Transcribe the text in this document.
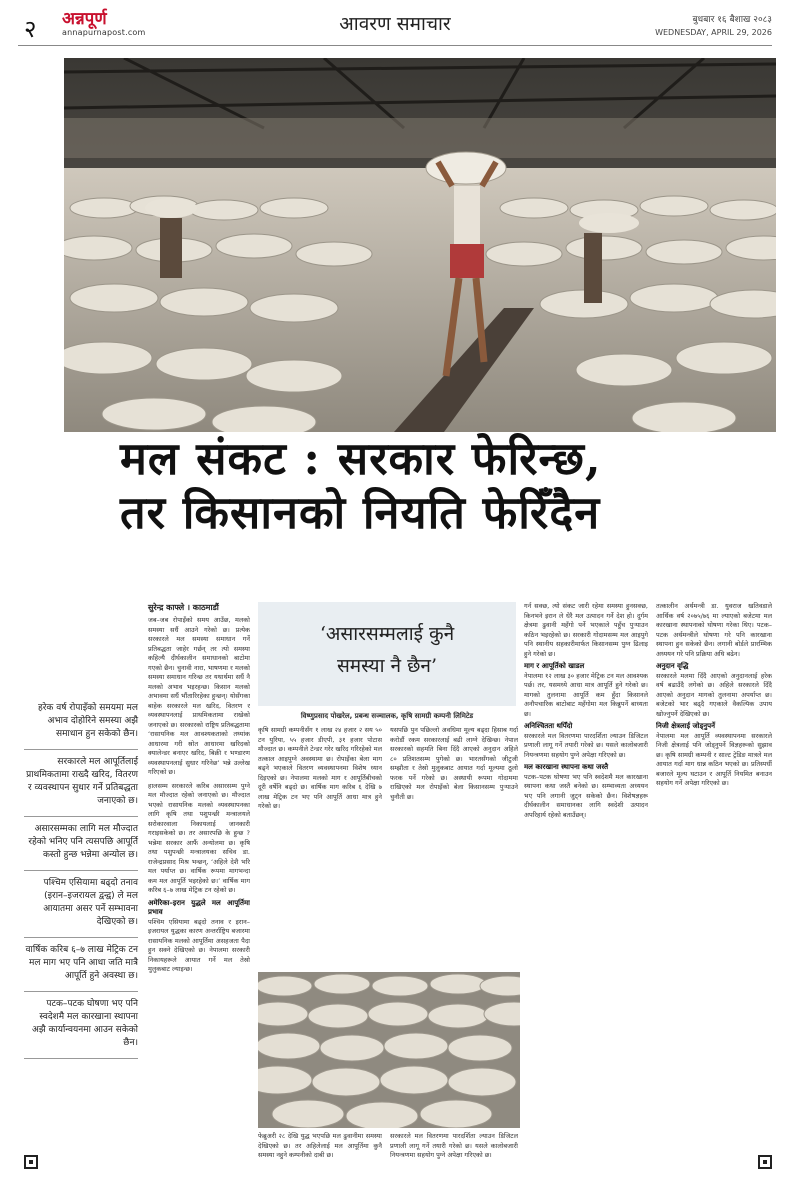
२ अन्नपूर्ण
annapurnapost.com	आवरण समाचार	बुधबार १६ बैशाख २०८३
WEDNESDAY, APRIL 29, 2026
मल संकट : सरकार फेरिन्छ,
तर किसानको नियति फेरिँदैन
हरेक वर्ष रोपाइँको समयमा मल अभाव दोहोरिने समस्या अझै समाधान हुन सकेको छैन।
सरकारले मल आपूर्तिलाई प्राथमिकतामा राख्दै खरिद, वितरण र व्यवस्थापन सुधार गर्ने प्रतिबद्धता जनाएको छ।
असारसम्मका लागि मल मौज्दात रहेको भनिए पनि त्यसपछि आपूर्ति कस्तो हुन्छ भन्नेमा अन्योल छ।
पश्चिम एसियामा बढ्दो तनाव (इरान–इजरायल द्वन्द्व) ले मल आयातमा असर पर्ने सम्भावना देखिएको छ।
वार्षिक करिब ६–७ लाख मेट्रिक टन मल माग भए पनि आधा जति मात्रै आपूर्ति हुने अवस्था छ।
पटक–पटक घोषणा भए पनि स्वदेशमै मल कारखाना स्थापना अझै कार्यान्वयनमा आउन सकेको छैन।
सुरेन्द्र काफ्ले । काठमाडौं

जब–जब रोपाइँको समय आउँछ, मलको समस्या सधैं आउने गरेको छ। प्रत्येक सरकारले मल समस्या समाधान गर्ने प्रतिबद्धता जाहेर गर्छन् तर त्यो समस्या कहिल्यै दीर्घकालीन समाधानको बाटोमा गएको छैन। चुनावी नारा, भाषणमा र मलको समस्या समाधान गरिन्छ तर यथार्थमा सधैं नै मलको अभाव भइरहन्छ। किसान मलको अभावमा सधैं भौंतारिरहेका हुन्छन्। योसँगका बाहेक सरकारले मल खरिद, वितरण र व्यवस्थापनलाई प्राथमिकतामा राखेको जनाएको छ। सरकारको राष्ट्रिय प्रतिबद्धतामा ‘रासायनिक मल आवश्यकताको तथ्यांक आधारमा गरी स्रोत आधारमा खरिदको क्यालेन्डर बनाएर खरिद, बिक्री र भण्डारण व्यवस्थापनलाई सुधार गरिनेछ’ भन्ने उल्लेख गरिएको छ।

हालसम्म सरकारले करिब असारसम्म पुग्ने मल मौज्दात रहेको जनाएको छ। मौज्दात भएको रासायनिक मलको व्यवस्थापनका लागि कृषि तथा पशुपन्छी मन्त्रालयले सरोकारवाला निकायलाई जानकारी गराइसकेको छ। तर असारपछि के हुन्छ ? भन्नेमा सरकार आफैं अन्योलमा छ। कृषि तथा पशुपन्छी मन्त्रालयका सचिव डा. राजेन्द्रप्रसाद मिश्र भन्छन्, ‘अहिले देशै भरि मल पर्याप्त छ। वार्षिक रूपमा मागभन्दा कम मल आपूर्ति भइरहेको छ।’ वार्षिक माग करिब ६–७ लाख मेट्रिक टन रहेको छ।

अमेरिका–इरान युद्धले मल आपूर्तिमा प्रभाव

पश्चिम एसियामा बढ्दो तनाव र इरान–इजरायल युद्धका कारण अन्तर्राष्ट्रिय बजारमा रासायनिक मलको आपूर्तिमा असहजता पैदा हुन सक्ने देखिएको छ। नेपालमा सरकारी निकायहरूले आयात गर्ने मल तेस्रो मुलुकबाट ल्याइन्छ।

‘असारसम्मलाई कुनै
समस्या नै छैन’
विष्णुप्रसाद पोखरेल, प्रबन्ध सञ्चालक, कृषि सामग्री कम्पनी लिमिटेड

कृषि सामग्री कम्पनीसँग १ लाख २४ हजार २ सय ५० टन युरिया, ५५ हजार डीएपी, ३१ हजार पोटास मौज्दात छ। कम्पनीले टेन्डर गरेर खरिद गरिरहेको मल तत्काल आइपुग्ने अवस्थामा छ। रोपाइँका बेला माग बढ्ने भएकाले वितरण व्यवस्थापनमा विशेष ध्यान दिइएको छ। नेपालमा मलको माग र आपूर्तिबीचको दूरी वर्षेनि बढ्दो छ। वार्षिक माग करिब ६ देखि ७ लाख मेट्रिक टन भए पनि आपूर्ति आधा मात्र हुने गरेको छ।

फेब्रुअरी २८ देखि युद्ध भएपछि मल ढुवानीमा समस्या देखिएको छ। तर अहिलेलाई मल आपूर्तिमा कुनै समस्या नहुने कम्पनीको दाबी छ।

यसपछि पुन पछिल्लो अवधिमा मूल्य बढ्दा हिसाब गर्दा करोडौं रकम सरकारलाई बढी लाग्ने देखिन्छ। नेपाल सरकारको सहमति बिना दिंदै आएको अनुदान अहिले ८० प्रतिशतसम्म पुगेको छ। भारतसँगको जीटुजी सम्झौता र तेस्रो मुलुकबाट आयात गर्दा मूल्यमा ठूलो फरक पर्ने गरेको छ। अस्थायी रूपमा गोदाममा राखिएको मल रोपाइँको बेला किसानसम्म पुर्‍याउने चुनौती छ।

सरकारले मल वितरणमा पारदर्शिता ल्याउन डिजिटल प्रणाली लागू गर्ने तयारी गरेको छ। यसले कालोबजारी नियन्त्रणमा सहयोग पुग्ने अपेक्षा गरिएको छ।

गर्न सक्छ, त्यो संकट जारी रहेमा समस्या हुनसक्छ, किनभने इरान ले धेरै मल उत्पादन गर्ने देश हो। दुर्गम क्षेत्रमा ढुवानी महँगो पर्ने भएकाले पहुँच पुर्‍याउन कठिन भइरहेको छ। सरकारी गोदामसम्म मल आइपुगे पनि स्थानीय सहकारीमार्फत किसानसम्म पुग्न ढिलाइ हुने गरेको छ।

माग र आपूर्तिको खाडल

नेपालमा १२ लाख ३० हजार मेट्रिक टन मल आवश्यक पर्छ। तर, यसमध्ये आधा मात्र आपूर्ति हुने गरेको छ। मागको तुलनामा आपूर्ति कम हुँदा किसानले अनौपचारिक बाटोबाट महँगोमा मल किन्नुपर्ने बाध्यता छ।

अनिश्चितता थपिँदो

सरकारले मल वितरणमा पारदर्शिता ल्याउन डिजिटल प्रणाली लागू गर्ने तयारी गरेको छ। यसले कालोबजारी नियन्त्रणमा सहयोग पुग्ने अपेक्षा गरिएको छ।

मल कारखाना स्थापना कथा जस्तै

पटक–पटक घोषणा भए पनि स्वदेशमै मल कारखाना स्थापना कथा जस्तै बनेको छ। सम्भाव्यता अध्ययन भए पनि लगानी जुट्न सकेको छैन। विशेषज्ञहरू दीर्घकालीन समाधानका लागि स्वदेशी उत्पादन अपरिहार्य रहेको बताउँछन्।

तत्कालीन अर्थमन्त्री डा. युवराज खतिवडाले आर्थिक वर्ष २०७५/७६ मा ल्याएको बजेटमा मल कारखाना स्थापनाको घोषणा गरेका थिए। पटक–पटक अर्थमन्त्रीले घोषणा गरे पनि कारखाना स्थापना हुन सकेको छैन। लगानी बोर्डले प्रारम्भिक अध्ययन गरे पनि प्रक्रिया अघि बढेन।

अनुदान वृद्धि

सरकारले मलमा दिँदै आएको अनुदानलाई हरेक वर्ष बढाउँदै लगेको छ। अहिले सरकारले दिँदै आएको अनुदान मागको तुलनामा अपर्याप्त छ। बजेटको भार बढ्दै गएकाले वैकल्पिक उपाय खोज्नुपर्ने देखिएको छ।

निजी क्षेत्रलाई जोड्नुपर्ने

नेपालमा मल आपूर्ति व्यवस्थापनमा सरकारले निजी क्षेत्रलाई पनि जोड्नुपर्ने विज्ञहरूको सुझाव छ। कृषि सामग्री कम्पनी र साल्ट ट्रेडिङ मात्रले मल आयात गर्दा माग धान्न कठिन भएको छ। प्रतिस्पर्धी बजारले मूल्य घटाउन र आपूर्ति नियमित बनाउन सहयोग गर्ने अपेक्षा गरिएको छ।
